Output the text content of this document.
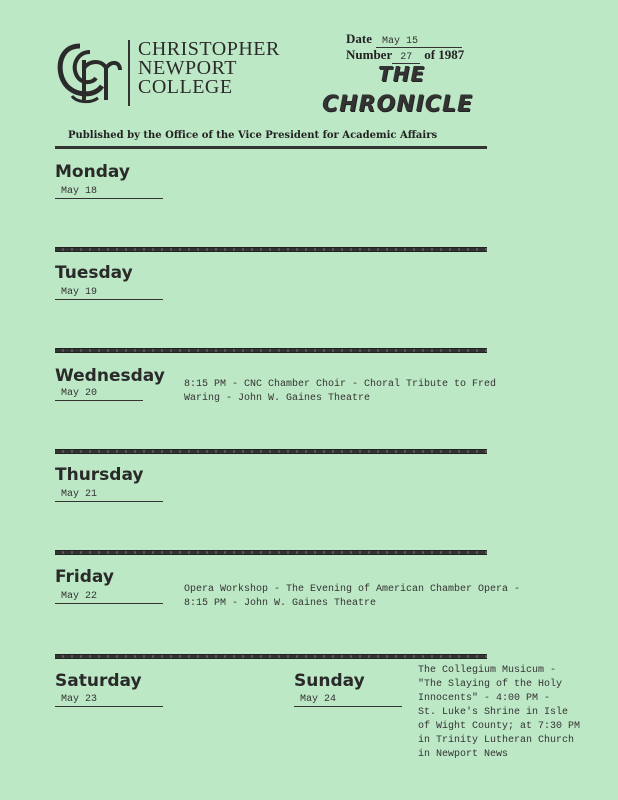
CHRISTOPHER
NEWPORT
COLLEGE
Date May 15
Number 27 of 1987
THE
CHRONICLE
Published by the Office of the Vice President for Academic Affairs
Monday
May 18
Tuesday
May 19
Wednesday
May 20
8:15 PM - CNC Chamber Choir - Choral Tribute to Fred
Waring - John W. Gaines Theatre
Thursday
May 21
Friday
May 22
Opera Workshop - The Evening of American Chamber Opera -
8:15 PM - John W. Gaines Theatre
Saturday
May 23
Sunday
May 24
The Collegium Musicum -
"The Slaying of the Holy
Innocents" - 4:00 PM -
St. Luke's Shrine in Isle
of Wight County; at 7:30 PM
in Trinity Lutheran Church
in Newport News
